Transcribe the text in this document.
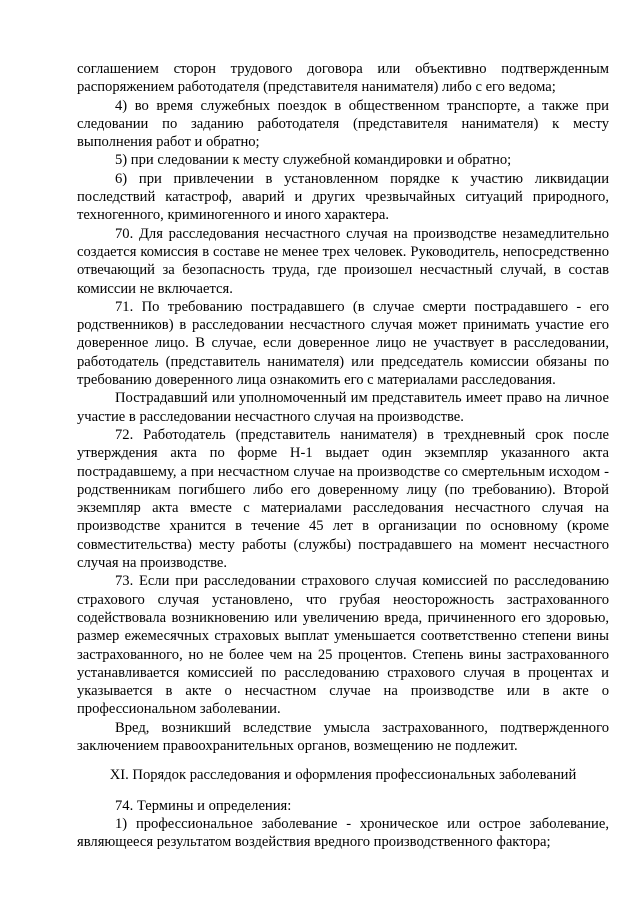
соглашением сторон трудового договора или объективно подтвержденным распоряжением работодателя (представителя нанимателя) либо с его ведома;

4) во время служебных поездок в общественном транспорте, а также при следовании по заданию работодателя (представителя нанимателя) к месту выполнения работ и обратно;

5) при следовании к месту служебной командировки и обратно;

6) при привлечении в установленном порядке к участию ликвидации последствий катастроф, аварий и других чрезвычайных ситуаций природного, техногенного, криминогенного и иного характера.

70. Для расследования несчастного случая на производстве незамедлительно создается комиссия в составе не менее трех человек. Руководитель, непосредственно отвечающий за безопасность труда, где произошел несчастный случай, в состав комиссии не включается.

71. По требованию пострадавшего (в случае смерти пострадавшего - его родственников) в расследовании несчастного случая может принимать участие его доверенное лицо. В случае, если доверенное лицо не участвует в расследовании, работодатель (представитель нанимателя) или председатель комиссии обязаны по требованию доверенного лица ознакомить его с материалами расследования.

Пострадавший или уполномоченный им представитель имеет право на личное участие в расследовании несчастного случая на производстве.

72. Работодатель (представитель нанимателя) в трехдневный срок после утверждения акта по форме Н-1 выдает один экземпляр указанного акта пострадавшему, а при несчастном случае на производстве со смертельным исходом - родственникам погибшего либо его доверенному лицу (по требованию). Второй экземпляр акта вместе с материалами расследования несчастного случая на производстве хранится в течение 45 лет в организации по основному (кроме совместительства) месту работы (службы) пострадавшего на момент несчастного случая на производстве.

73. Если при расследовании страхового случая комиссией по расследованию страхового случая установлено, что грубая неосторожность застрахованного содействовала возникновению или увеличению вреда, причиненного его здоровью, размер ежемесячных страховых выплат уменьшается соответственно степени вины застрахованного, но не более чем на 25 процентов. Степень вины застрахованного устанавливается комиссией по расследованию страхового случая в процентах и указывается в акте о несчастном случае на производстве или в акте о профессиональном заболевании.

Вред, возникший вследствие умысла застрахованного, подтвержденного заключением правоохранительных органов, возмещению не подлежит.

XI. Порядок расследования и оформления профессиональных заболеваний

74. Термины и определения:

1) профессиональное заболевание - хроническое или острое заболевание, являющееся результатом воздействия вредного производственного фактора;
